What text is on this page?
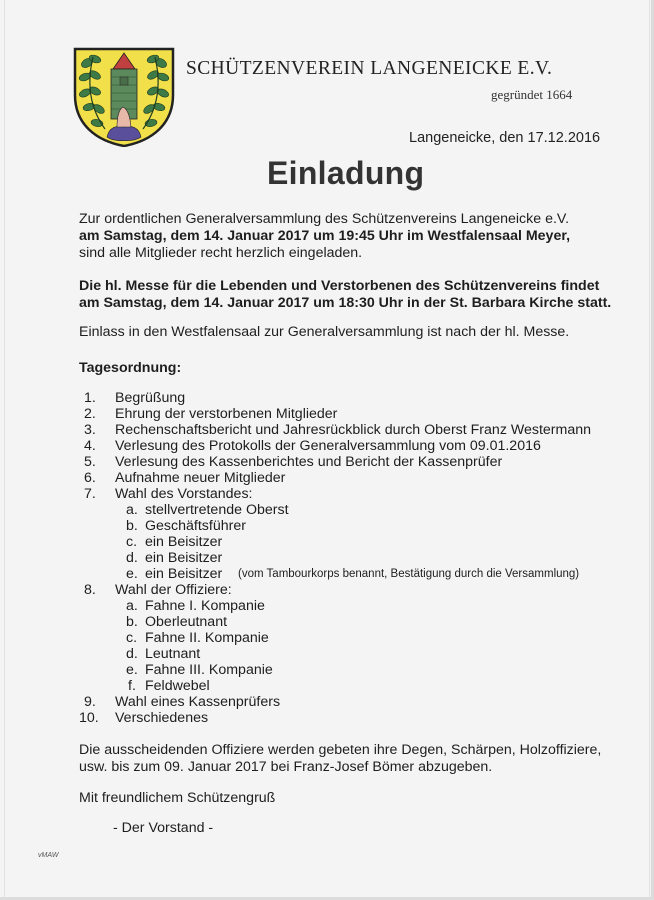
SCHÜTZENVEREIN LANGENEICKE E.V.
gegründet 1664
Langeneicke, den 17.12.2016
Einladung
Zur ordentlichen Generalversammlung des Schützenvereins Langeneicke e.V.
am Samstag, dem 14. Januar 2017 um 19:45 Uhr im Westfalensaal Meyer,
sind alle Mitglieder recht herzlich eingeladen.
Die hl. Messe für die Lebenden und Verstorbenen des Schützenvereins findet
am Samstag, dem 14. Januar 2017 um 18:30 Uhr in der St. Barbara Kirche statt.
Einlass in den Westfalensaal zur Generalversammlung ist nach der hl. Messe.
Tagesordnung:
1. Begrüßung
2. Ehrung der verstorbenen Mitglieder
3. Rechenschaftsbericht und Jahresrückblick durch Oberst Franz Westermann
4. Verlesung des Protokolls der Generalversammlung vom 09.01.2016
5. Verlesung des Kassenberichtes und Bericht der Kassenprüfer
6. Aufnahme neuer Mitglieder
7. Wahl des Vorstandes:
a. stellvertretende Oberst
b. Geschäftsführer
c. ein Beisitzer
d. ein Beisitzer
e. ein Beisitzer (vom Tambourkorps benannt, Bestätigung durch die Versammlung)
8. Wahl der Offiziere:
a. Fahne I. Kompanie
b. Oberleutnant
c. Fahne II. Kompanie
d. Leutnant
e. Fahne III. Kompanie
f. Feldwebel
9. Wahl eines Kassenprüfers
10. Verschiedenes
Die ausscheidenden Offiziere werden gebeten ihre Degen, Schärpen, Holzoffiziere,
usw. bis zum 09. Januar 2017 bei Franz-Josef Bömer abzugeben.
Mit freundlichem Schützengruß
- Der Vorstand -
vMAW
